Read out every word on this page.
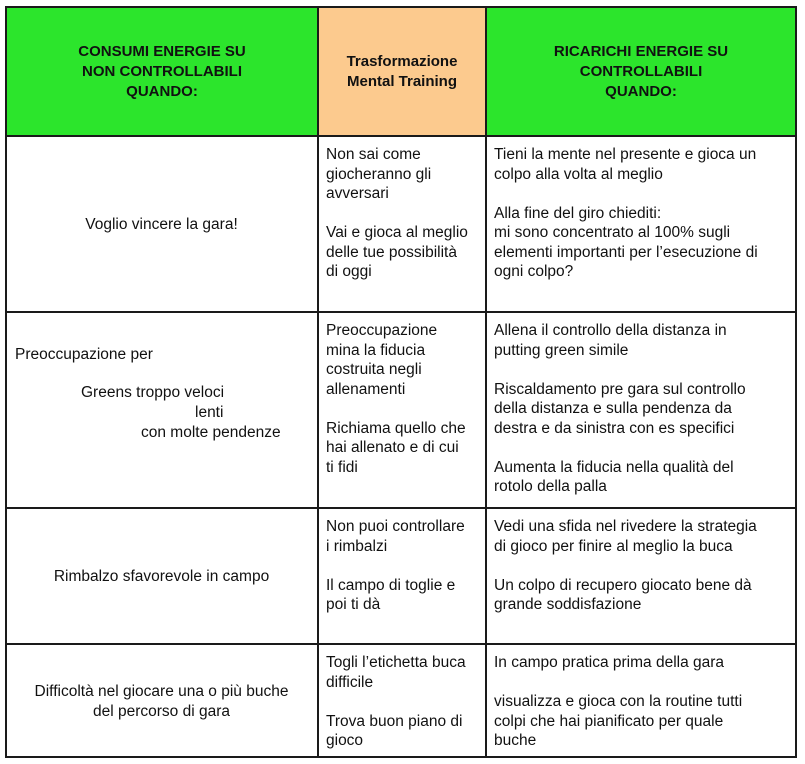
CONSUMI ENERGIE SU
NON CONTROLLABILI
QUANDO:
Trasformazione
Mental Training
RICARICHI ENERGIE SU
CONTROLLABILI
QUANDO:
Voglio vincere la gara!
Non sai come
giocheranno gli
avversari
Vai e gioca al meglio
delle tue possibilità
di oggi
Tieni la mente nel presente e gioca un
colpo alla volta al meglio
Alla fine del giro chiediti:
mi sono concentrato al 100% sugli
elementi importanti per l’esecuzione di
ogni colpo?
Preoccupazione per
Greens troppo veloci
lenti
con molte pendenze
Preoccupazione
mina la fiducia
costruita negli
allenamenti
Richiama quello che
hai allenato e di cui
ti fidi
Allena il controllo della distanza in
putting green simile
Riscaldamento pre gara sul controllo
della distanza e sulla pendenza da
destra e da sinistra con es specifici
Aumenta la fiducia nella qualità del
rotolo della palla
Rimbalzo sfavorevole in campo
Non puoi controllare
i rimbalzi
Il campo di toglie e
poi ti dà
Vedi una sfida nel rivedere la strategia
di gioco per finire al meglio la buca
Un colpo di recupero giocato bene dà
grande soddisfazione
Difficoltà nel giocare una o più buche
del percorso di gara
Togli l’etichetta buca
difficile
Trova buon piano di
gioco
In campo pratica prima della gara
visualizza e gioca con la routine tutti
colpi che hai pianificato per quale
buche
